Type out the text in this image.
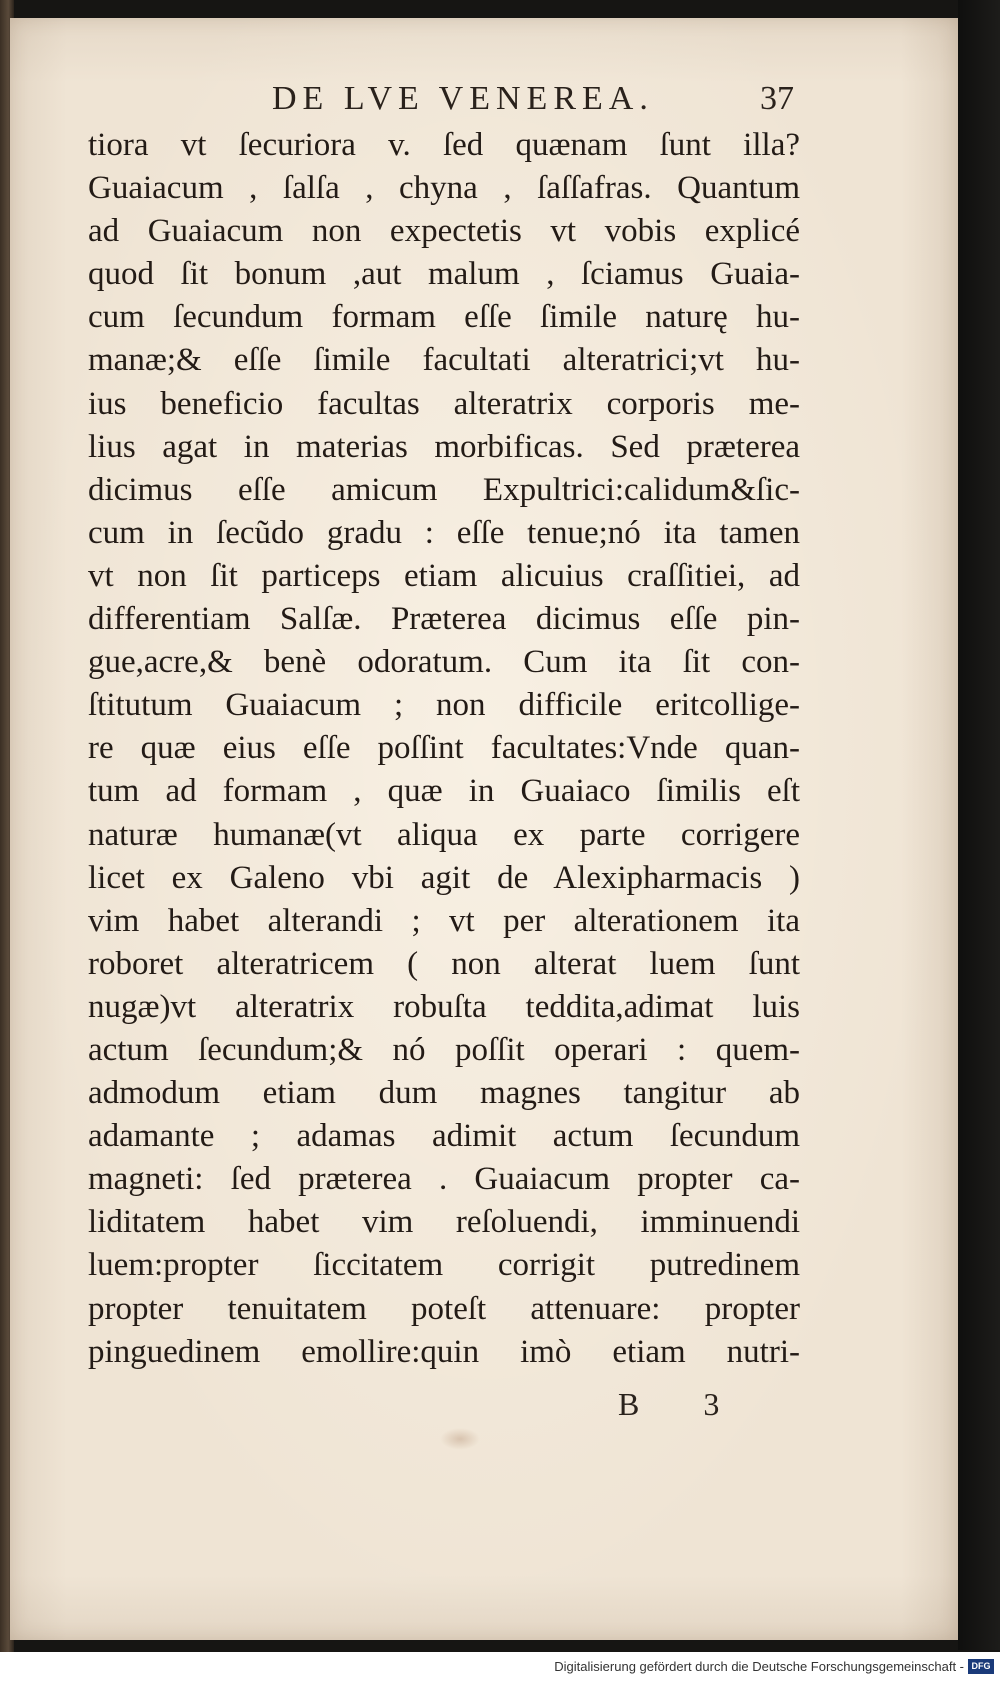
DE LVE VENEREA.	37
tiora vt ſecuriora v. ſed quænam ſunt illa?
Guaiacum , ſalſa , chyna , ſaſſafras. Quantum
ad Guaiacum non expectetis vt vobis explicé
quod ſit bonum ,aut malum , ſciamus Guaia-
cum ſecundum formam eſſe ſimile naturę hu-
manæ;& eſſe ſimile facultati alteratrici;vt hu-
ius beneficio facultas alteratrix corporis me-
lius agat in materias morbificas. Sed præterea
dicimus eſſe amicum Expultrici:calidum&ſic-
cum in ſecũdo gradu : eſſe tenue;nó ita tamen
vt non ſit particeps etiam alicuius craſſitiei, ad
differentiam Salſæ. Præterea dicimus eſſe pin-
gue,acre,& benè odoratum. Cum ita ſit con-
ſtitutum Guaiacum ; non difficile eritcollige-
re quæ eius eſſe poſſint facultates:Vnde quan-
tum ad formam , quæ in Guaiaco ſimilis eſt
naturæ humanæ(vt aliqua ex parte corrigere
licet ex Galeno vbi agit de Alexipharmacis )
vim habet alterandi ; vt per alterationem ita
roboret alteratricem ( non alterat luem ſunt
nugæ)vt alteratrix robuſta teddita,adimat luis
actum ſecundum;& nó poſſit operari : quem-
admodum etiam dum magnes tangitur ab
adamante ; adamas adimit actum ſecundum
magneti: ſed præterea . Guaiacum propter ca-
liditatem habet vim reſoluendi, imminuendi
luem:propter ſiccitatem corrigit putredinem
propter tenuitatem poteſt attenuare: propter
pinguedinem emollire:quin imò etiam nutri-
B 3
Digitalisierung gefördert durch die Deutsche Forschungsgemeinschaft - DFG
